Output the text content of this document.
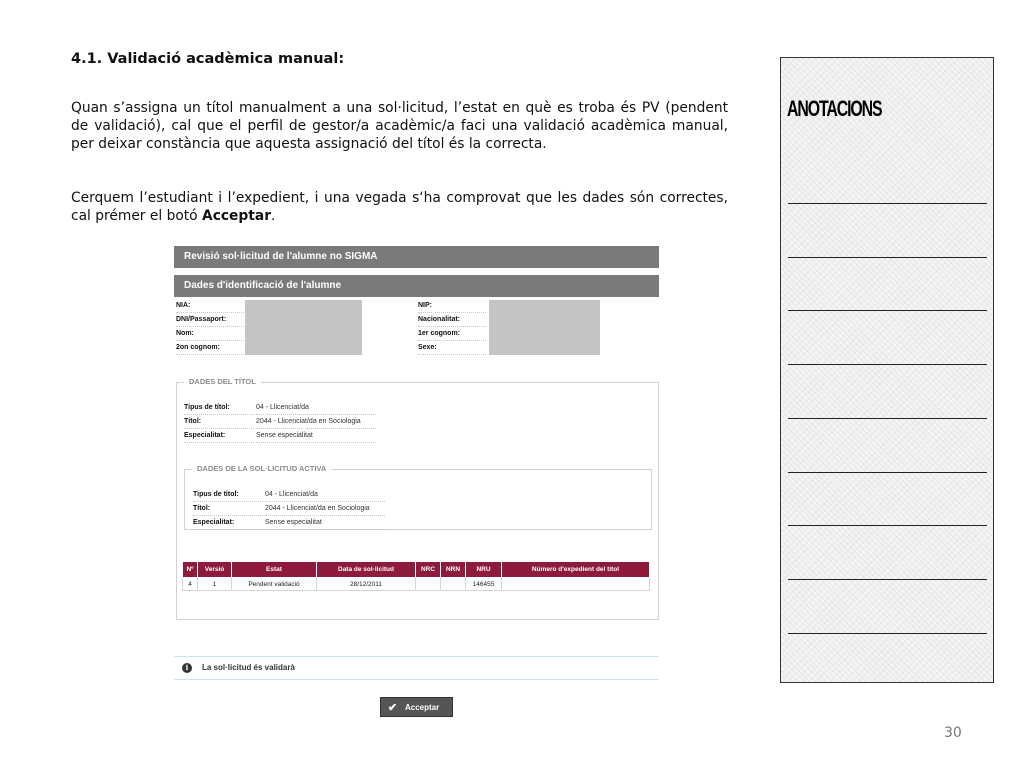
4.1. Validació acadèmica manual:
Quan s’assigna un títol manualment a una sol·licitud, l’estat en què es troba és PV (pendent de validació), cal que el perfil de gestor/a acadèmic/a faci una validació acadèmica manual, per deixar constància que aquesta assignació del títol és la correcta.
Cerquem l’estudiant i l’expedient, i una vegada s‘ha comprovat que les dades són correctes, cal prémer el botó Acceptar.
Revisió sol·licitud de l'alumne no SIGMA
Dades d'identificació de l'alumne
NIA:
DNI/Passaport:
Nom:
2on cognom:
NIP:
Nacionalitat:
1er cognom:
Sexe:
DADES DEL TÍTOL
Tipus de títol:	04 - Llicenciat/da
Títol:	2044 - Llicenciat/da en Sociologia
Especialitat:	Sense especialitat
DADES DE LA SOL·LICITUD ACTIVA
Tipus de títol:	04 - Llicenciat/da
Títol:	2044 - Llicenciat/da en Sociologia
Especialitat:	Sense especialitat
Nº	Versió	Estat	Data de sol·licitud	NRC	NRN	NRU	Número d'expedient del títol
4	1	Pendent validació	28/12/2011			146455	
i	La sol·licitud és validarà
✔ Acceptar
ANOTACIONS
30
